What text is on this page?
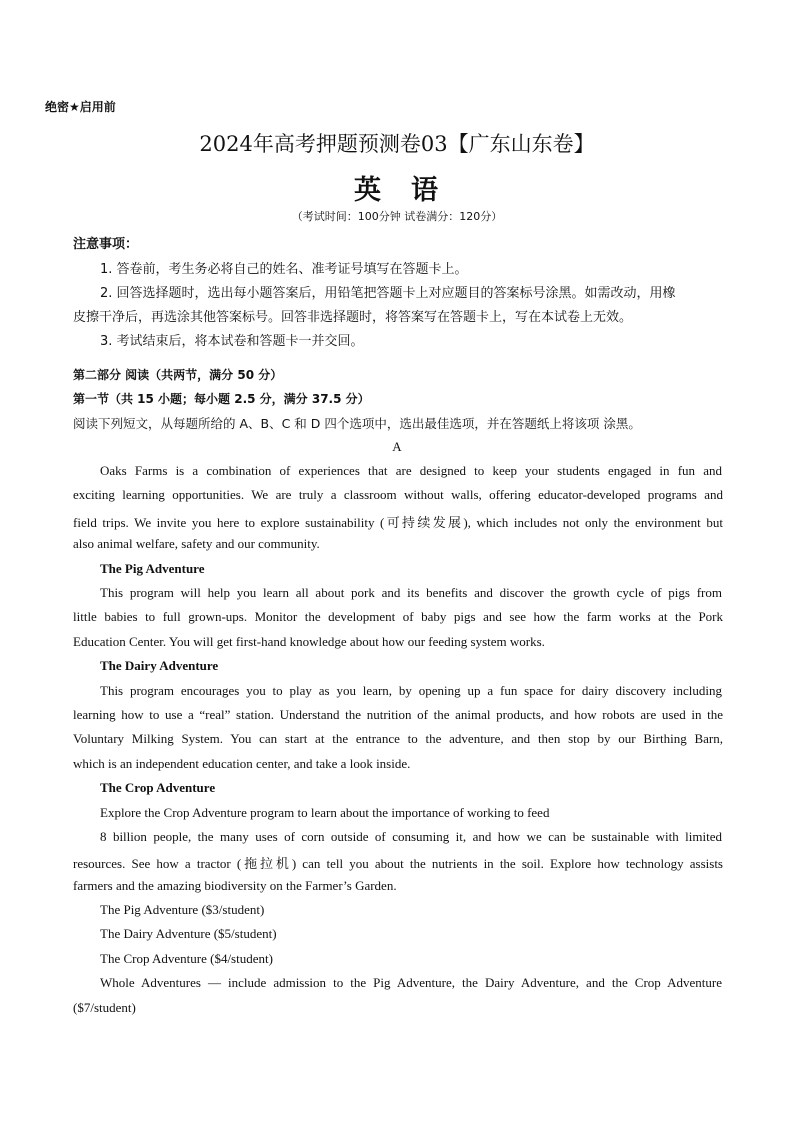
绝密★启用前
2024年高考押题预测卷03【广东山东卷】
英 语
（考试时间：100分钟 试卷满分：120分）
注意事项：
1. 答卷前，考生务必将自己的姓名、准考证号填写在答题卡上。
2. 回答选择题时，选出每小题答案后，用铅笔把答题卡上对应题目的答案标号涂黑。如需改动，用橡
皮擦干净后，再选涂其他答案标号。回答非选择题时，将答案写在答题卡上，写在本试卷上无效。
3. 考试结束后，将本试卷和答题卡一并交回。
第二部分 阅读（共两节，满分 50 分）
第一节（共 15 小题；每小题 2.5 分，满分 37.5 分）
阅读下列短文，从每题所给的 A、B、C 和 D 四个选项中，选出最佳选项，并在答题纸上将该项 涂黑。
A
Oaks Farms is a combination of experiences that are designed to keep your students engaged in fun and
exciting learning opportunities. We are truly a classroom without walls, offering educator-developed programs and
field trips. We invite you here to explore sustainability (可持续发展), which includes not only the environment but
also animal welfare, safety and our community.
The Pig Adventure
This program will help you learn all about pork and its benefits and discover the growth cycle of pigs from
little babies to full grown-ups. Monitor the development of baby pigs and see how the farm works at the Pork
Education Center. You will get first-hand knowledge about how our feeding system works.
The Dairy Adventure
This program encourages you to play as you learn, by opening up a fun space for dairy discovery including
learning how to use a “real” station. Understand the nutrition of the animal products, and how robots are used in the
Voluntary Milking System. You can start at the entrance to the adventure, and then stop by our Birthing Barn,
which is an independent education center, and take a look inside.
The Crop Adventure
Explore the Crop Adventure program to learn about the importance of working to feed
8 billion people, the many uses of corn outside of consuming it, and how we can be sustainable with limited
resources. See how a tractor (拖拉机) can tell you about the nutrients in the soil. Explore how technology assists
farmers and the amazing biodiversity on the Farmer’s Garden.
The Pig Adventure ($3/student)
The Dairy Adventure ($5/student)
The Crop Adventure ($4/student)
Whole Adventures — include admission to the Pig Adventure, the Dairy Adventure, and the Crop Adventure
($7/student)
